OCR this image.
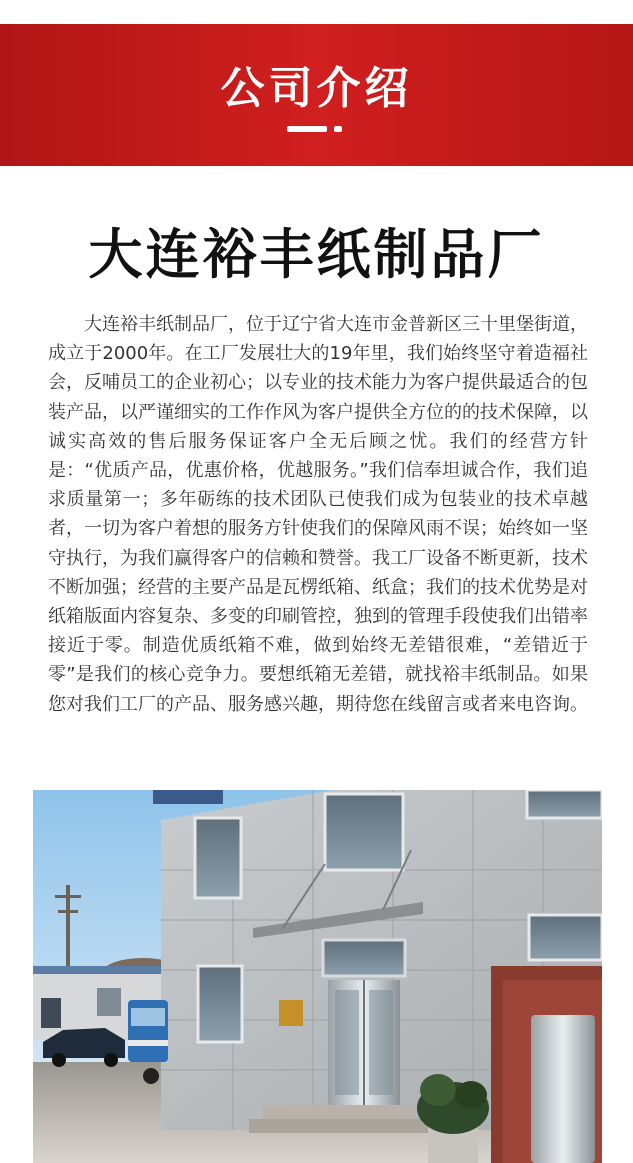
公司介绍
大连裕丰纸制品厂

大连裕丰纸制品厂，位于辽宁省大连市金普新区三十里堡街道，成立于2000年。在工厂发展壮大的19年里，我们始终坚守着造福社会，反哺员工的企业初心；以专业的技术能力为客户提供最适合的包装产品，以严谨细实的工作作风为客户提供全方位的的技术保障，以诚实高效的售后服务保证客户全无后顾之忧。我们的经营方针是：“优质产品，优惠价格，优越服务。”我们信奉坦诚合作，我们追求质量第一；多年砺练的技术团队已使我们成为包装业的技术卓越者，一切为客户着想的服务方针使我们的保障风雨不误；始终如一坚守执行，为我们赢得客户的信赖和赞誉。我工厂设备不断更新，技术不断加强；经营的主要产品是瓦楞纸箱、纸盒；我们的技术优势是对纸箱版面内容复杂、多变的印刷管控，独到的管理手段使我们出错率接近于零。制造优质纸箱不难，做到始终无差错很难，“差错近于零”是我们的核心竞争力。要想纸箱无差错，就找裕丰纸制品。如果您对我们工厂的产品、服务感兴趣，期待您在线留言或者来电咨询。
